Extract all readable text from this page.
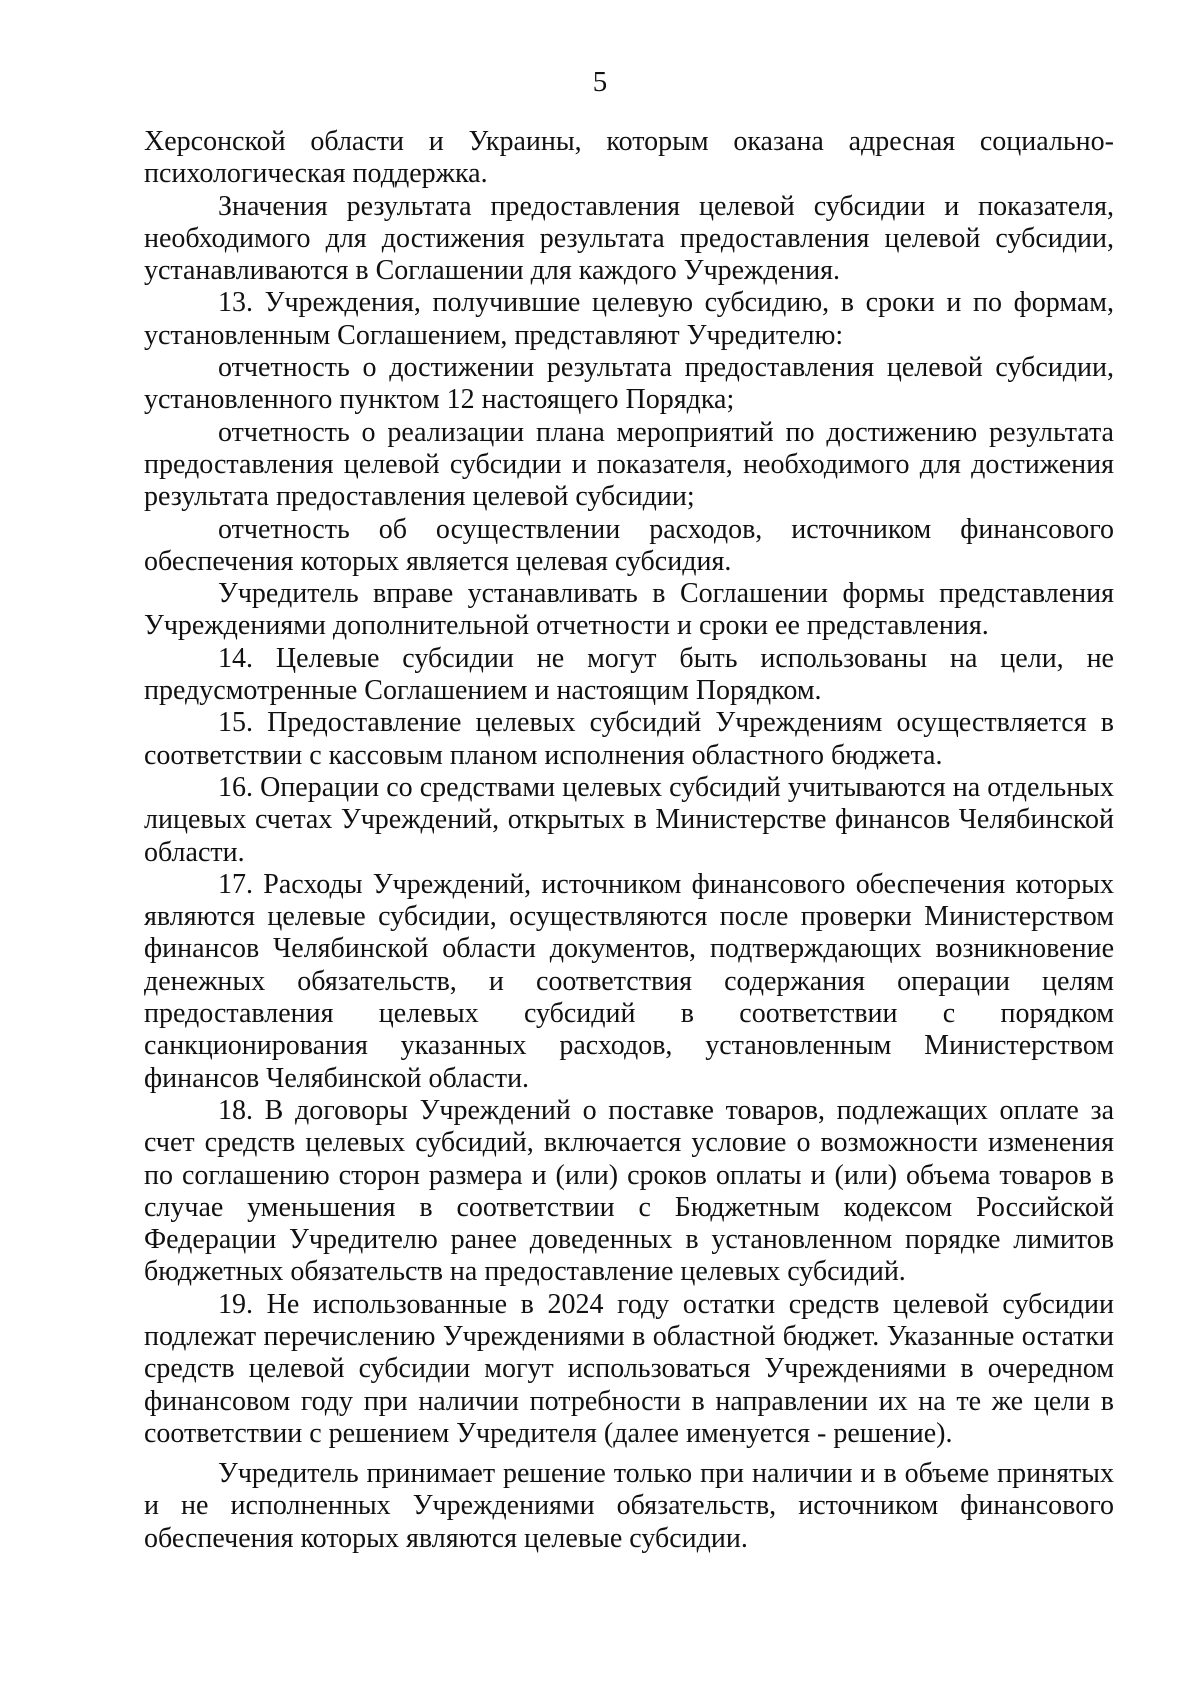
5

Херсонской области и Украины, которым оказана адресная социально-психологическая поддержка.

Значения результата предоставления целевой субсидии и показателя, необходимого для достижения результата предоставления целевой субсидии, устанавливаются в Соглашении для каждого Учреждения.

13. Учреждения, получившие целевую субсидию, в сроки и по формам, установленным Соглашением, представляют Учредителю:

отчетность о достижении результата предоставления целевой субсидии, установленного пунктом 12 настоящего Порядка;

отчетность о реализации плана мероприятий по достижению результата предоставления целевой субсидии и показателя, необходимого для достижения результата предоставления целевой субсидии;

отчетность об осуществлении расходов, источником финансового обеспечения которых является целевая субсидия.

Учредитель вправе устанавливать в Соглашении формы представления Учреждениями дополнительной отчетности и сроки ее представления.

14. Целевые субсидии не могут быть использованы на цели, не предусмотренные Соглашением и настоящим Порядком.

15. Предоставление целевых субсидий Учреждениям осуществляется в соответствии с кассовым планом исполнения областного бюджета.

16. Операции со средствами целевых субсидий учитываются на отдельных лицевых счетах Учреждений, открытых в Министерстве финансов Челябинской области.

17. Расходы Учреждений, источником финансового обеспечения которых являются целевые субсидии, осуществляются после проверки Министерством финансов Челябинской области документов, подтверждающих возникновение денежных обязательств, и соответствия содержания операции целям предоставления целевых субсидий в соответствии с порядком санкционирования указанных расходов, установленным Министерством финансов Челябинской области.

18. В договоры Учреждений о поставке товаров, подлежащих оплате за счет средств целевых субсидий, включается условие о возможности изменения по соглашению сторон размера и (или) сроков оплаты и (или) объема товаров в случае уменьшения в соответствии с Бюджетным кодексом Российской Федерации Учредителю ранее доведенных в установленном порядке лимитов бюджетных обязательств на предоставление целевых субсидий.

19. Не использованные в 2024 году остатки средств целевой субсидии подлежат перечислению Учреждениями в областной бюджет. Указанные остатки средств целевой субсидии могут использоваться Учреждениями в очередном финансовом году при наличии потребности в направлении их на те же цели в соответствии с решением Учредителя (далее именуется - решение).

Учредитель принимает решение только при наличии и в объеме принятых и не исполненных Учреждениями обязательств, источником финансового обеспечения которых являются целевые субсидии.
